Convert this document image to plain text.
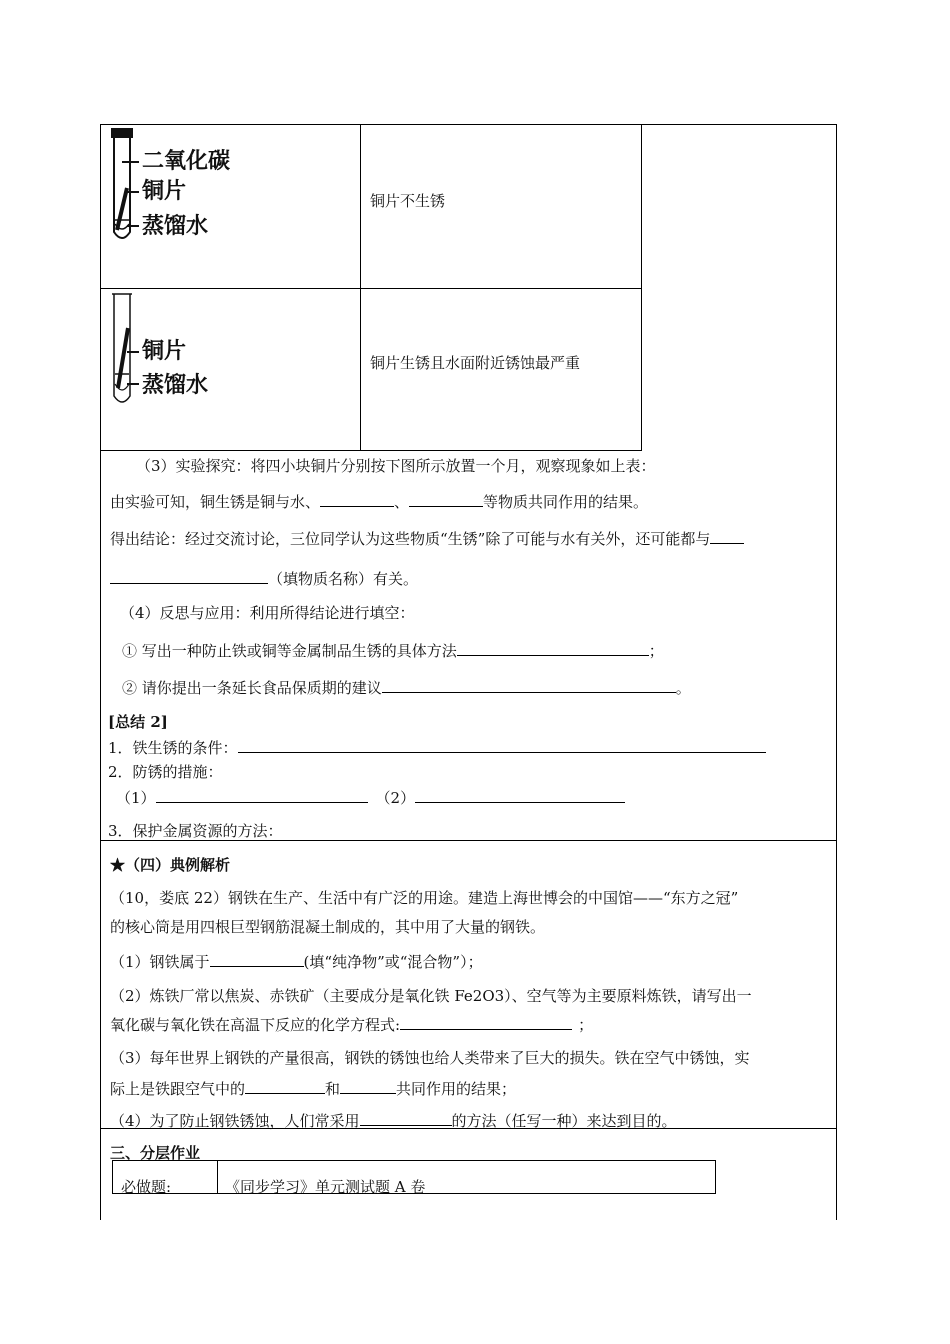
二氧化碳
铜片
蒸馏水
铜片不生锈
铜片
蒸馏水
铜片生锈且水面附近锈蚀最严重
（3）实验探究：将四小块铜片分别按下图所示放置一个月，观察现象如上表：
由实验可知，铜生锈是铜与水、	、	等物质共同作用的结果。
得出结论：经过交流讨论，三位同学认为这些物质“生锈”除了可能与水有关外，还可能都与
（填物质名称）有关。
（4）反思与应用：利用所得结论进行填空：
① 写出一种防止铁或铜等金属制品生锈的具体方法	；
② 请你提出一条延长食品保质期的建议	。
[总结 2]
1．铁生锈的条件：
2．防锈的措施：
（1）	（2）
3．保护金属资源的方法：
★（四）典例解析
（10，娄底 22）钢铁在生产、生活中有广泛的用途。建造上海世博会的中国馆——“东方之冠”
的核心筒是用四根巨型钢筋混凝土制成的，其中用了大量的钢铁。
（1）钢铁属于	(填“纯净物”或“混合物”）；
（2）炼铁厂常以焦炭、赤铁矿（主要成分是氧化铁 Fe2O3）、空气等为主要原料炼铁，请写出一
氧化碳与氧化铁在高温下反应的化学方程式:	；
（3）每年世界上钢铁的产量很高，钢铁的锈蚀也给人类带来了巨大的损失。铁在空气中锈蚀，实
际上是铁跟空气中的	和	共同作用的结果；
（4）为了防止钢铁锈蚀，人们常采用	的方法（任写一种）来达到目的。
三、分层作业
必做题:	《同步学习》单元测试题 A 卷
